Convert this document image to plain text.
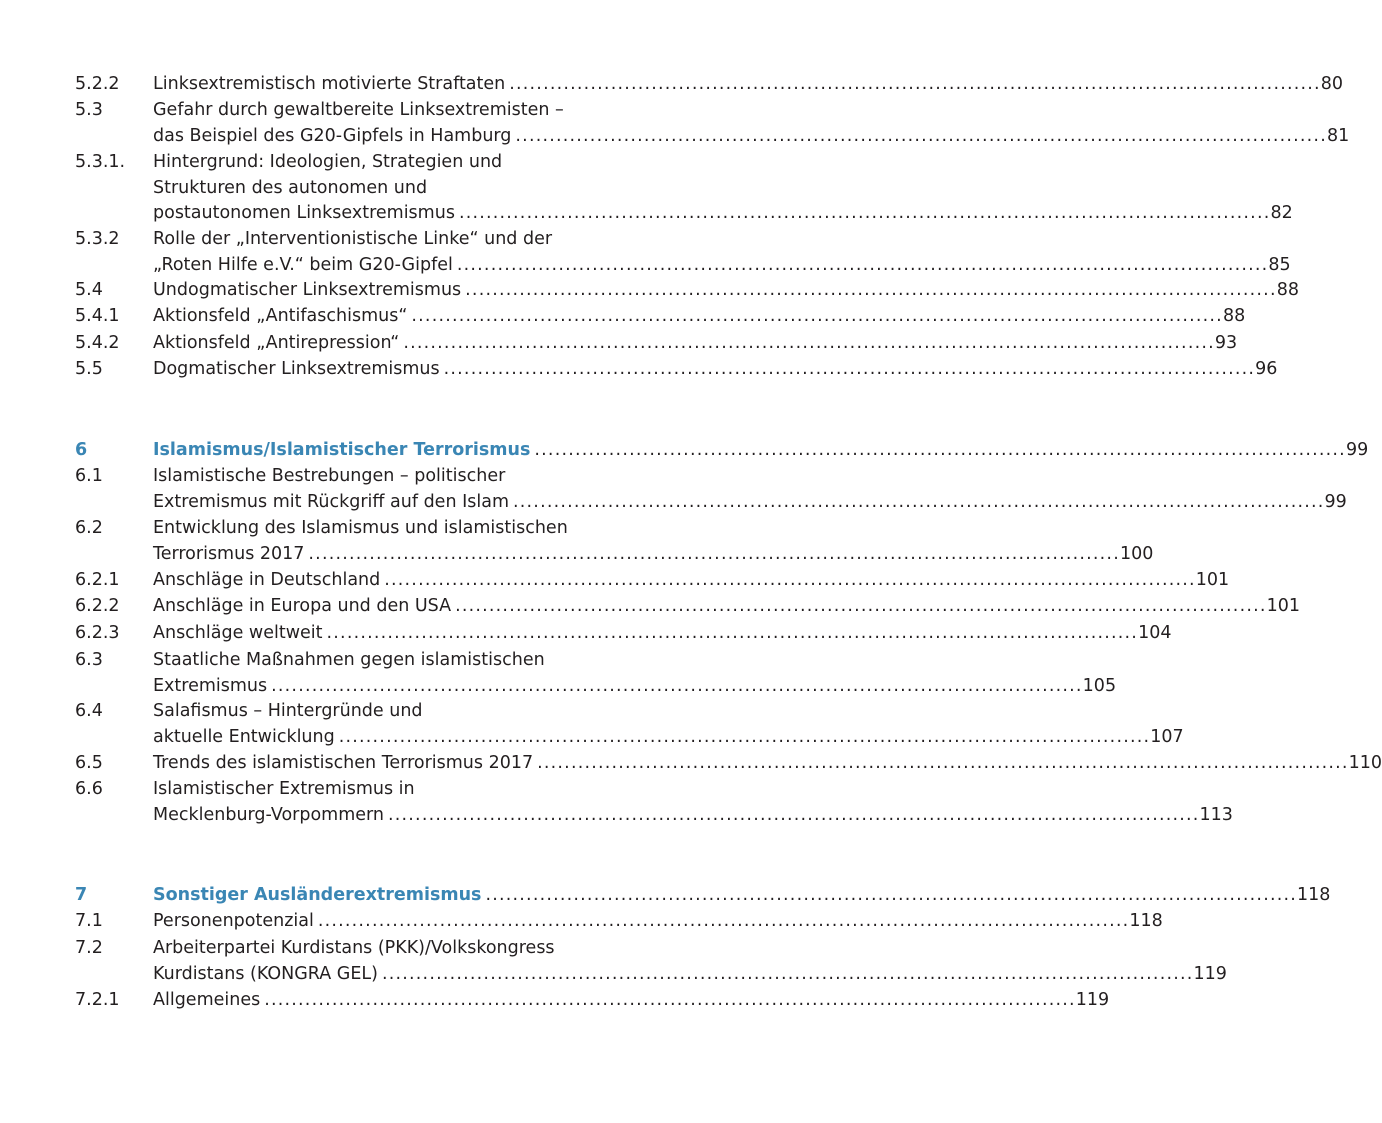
5.2.2 Linksextremistisch motivierte Straftaten ........................................................................................................................ 80
5.3	Gefahr durch gewaltbereite Linksextremisten –
das Beispiel des G20-Gipfels in Hamburg ........................................................................................................................ 81
5.3.1. Hintergrund: Ideologien, Strategien und
Strukturen des autonomen und
postautonomen Linksextremismus ........................................................................................................................ 82
5.3.2 Rolle der „Interventionistische Linke“ und der
„Roten Hilfe e.V.“ beim G20-Gipfel ........................................................................................................................ 85
5.4	Undogmatischer Linksextremismus ........................................................................................................................ 88
5.4.1 Aktionsfeld „Antifaschismus“ ........................................................................................................................ 88
5.4.2 Aktionsfeld „Antirepression“ ........................................................................................................................ 93
5.5	Dogmatischer Linksextremismus ........................................................................................................................ 96
6	Islamismus/Islamistischer Terrorismus ........................................................................................................................ 99
6.1	Islamistische Bestrebungen – politischer
Extremismus mit Rückgriff auf den Islam ........................................................................................................................ 99
6.2	Entwicklung des Islamismus und islamistischen
Terrorismus 2017 ........................................................................................................................ 100
6.2.1 Anschläge in Deutschland ........................................................................................................................ 101
6.2.2 Anschläge in Europa und den USA ........................................................................................................................ 101
6.2.3 Anschläge weltweit ........................................................................................................................ 104
6.3	Staatliche Maßnahmen gegen islamistischen
Extremismus ........................................................................................................................ 105
6.4	Salafismus – Hintergründe und
aktuelle Entwicklung ........................................................................................................................ 107
6.5	Trends des islamistischen Terrorismus 2017 ........................................................................................................................ 110
6.6	Islamistischer Extremismus in
Mecklenburg-Vorpommern ........................................................................................................................ 113
7	Sonstiger Ausländerextremismus ........................................................................................................................ 118
7.1	Personenpotenzial ........................................................................................................................ 118
7.2	Arbeiterpartei Kurdistans (PKK)/Volkskongress
Kurdistans (KONGRA GEL) ........................................................................................................................ 119
7.2.1 Allgemeines ........................................................................................................................ 119
